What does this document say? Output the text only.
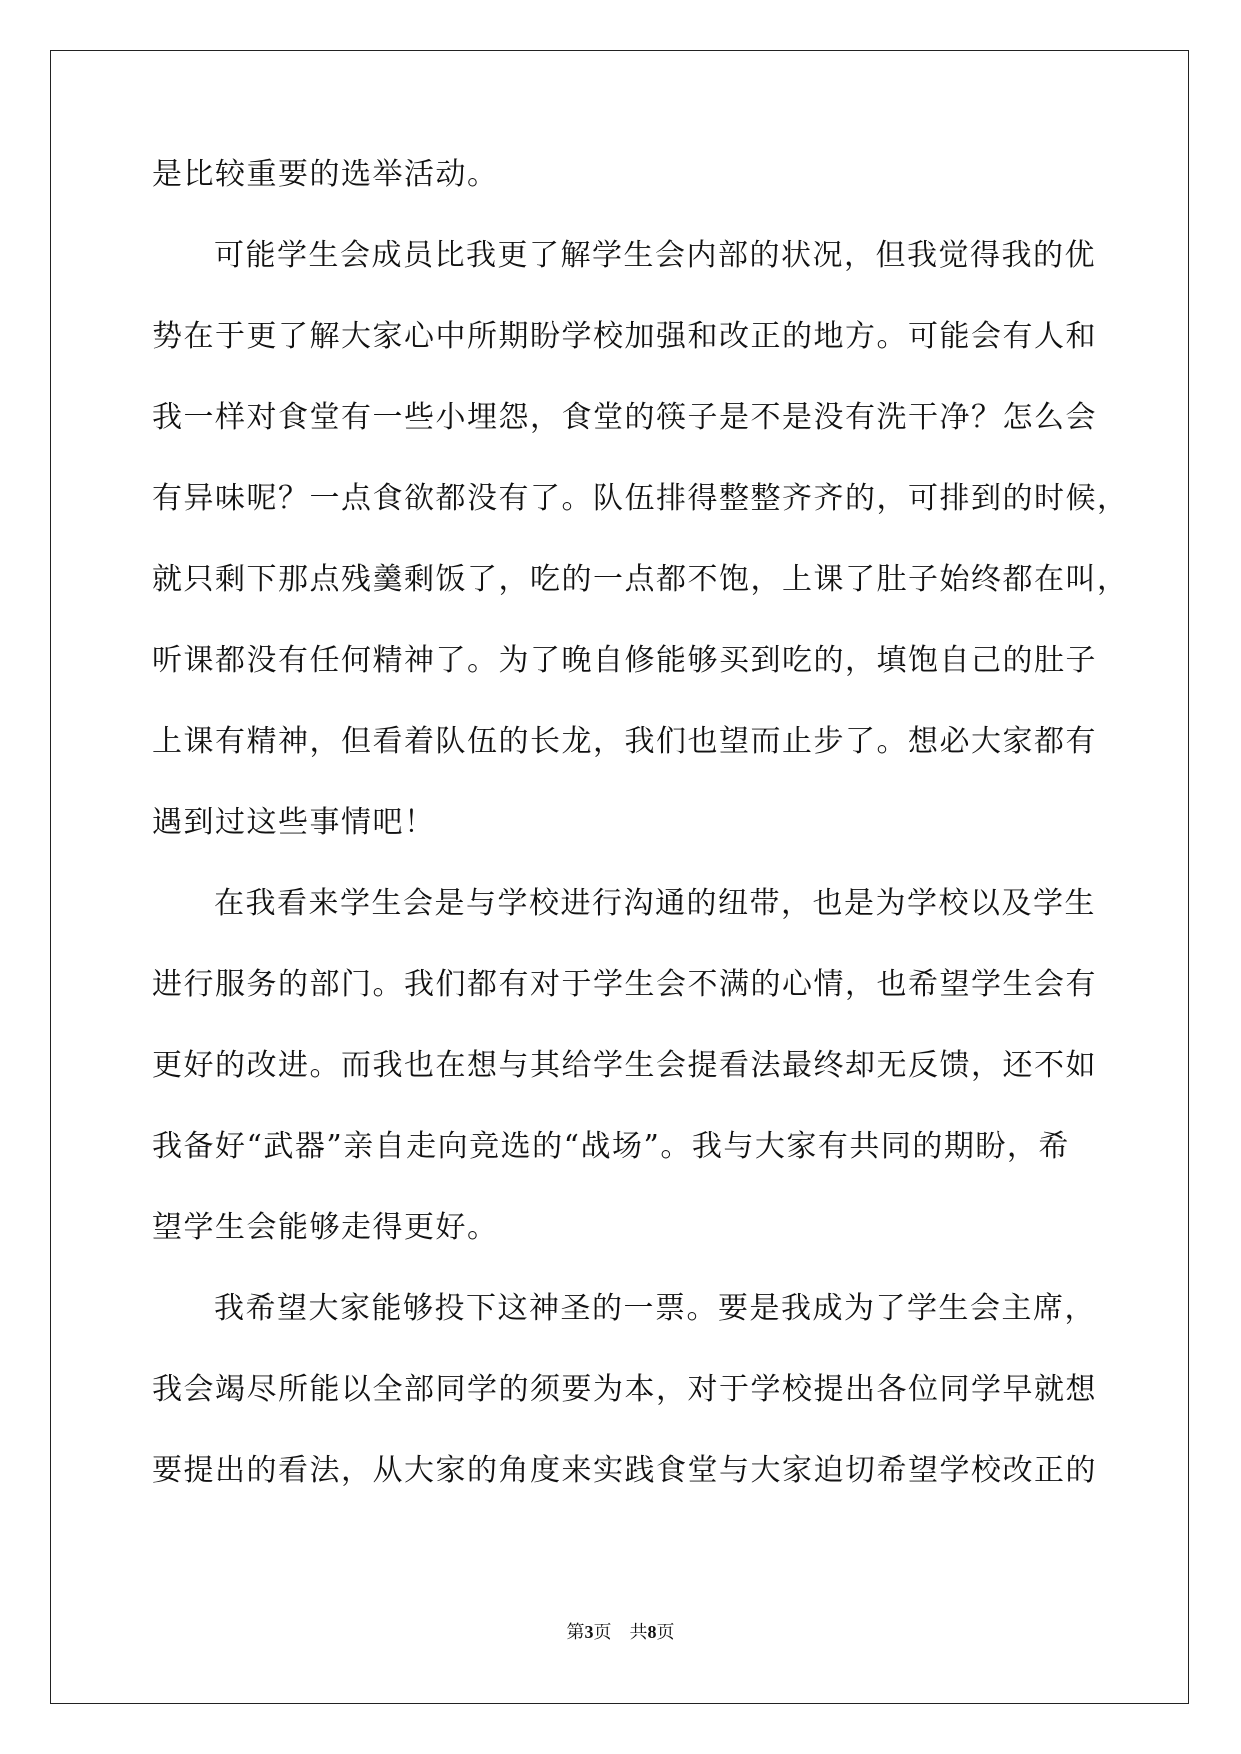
是比较重要的选举活动。
可能学生会成员比我更了解学生会内部的状况，但我觉得我的优
势在于更了解大家心中所期盼学校加强和改正的地方。可能会有人和
我一样对食堂有一些小埋怨，食堂的筷子是不是没有洗干净？怎么会
有异味呢？一点食欲都没有了。队伍排得整整齐齐的，可排到的时候，
就只剩下那点残羹剩饭了，吃的一点都不饱，上课了肚子始终都在叫，
听课都没有任何精神了。为了晚自修能够买到吃的，填饱自己的肚子
上课有精神，但看着队伍的长龙，我们也望而止步了。想必大家都有
遇到过这些事情吧！
在我看来学生会是与学校进行沟通的纽带，也是为学校以及学生
进行服务的部门。我们都有对于学生会不满的心情，也希望学生会有
更好的改进。而我也在想与其给学生会提看法最终却无反馈，还不如
我备好“武器”亲自走向竞选的“战场”。我与大家有共同的期盼，希
望学生会能够走得更好。
我希望大家能够投下这神圣的一票。要是我成为了学生会主席，
我会竭尽所能以全部同学的须要为本，对于学校提出各位同学早就想
要提出的看法，从大家的角度来实践食堂与大家迫切希望学校改正的
第3页 共8页
